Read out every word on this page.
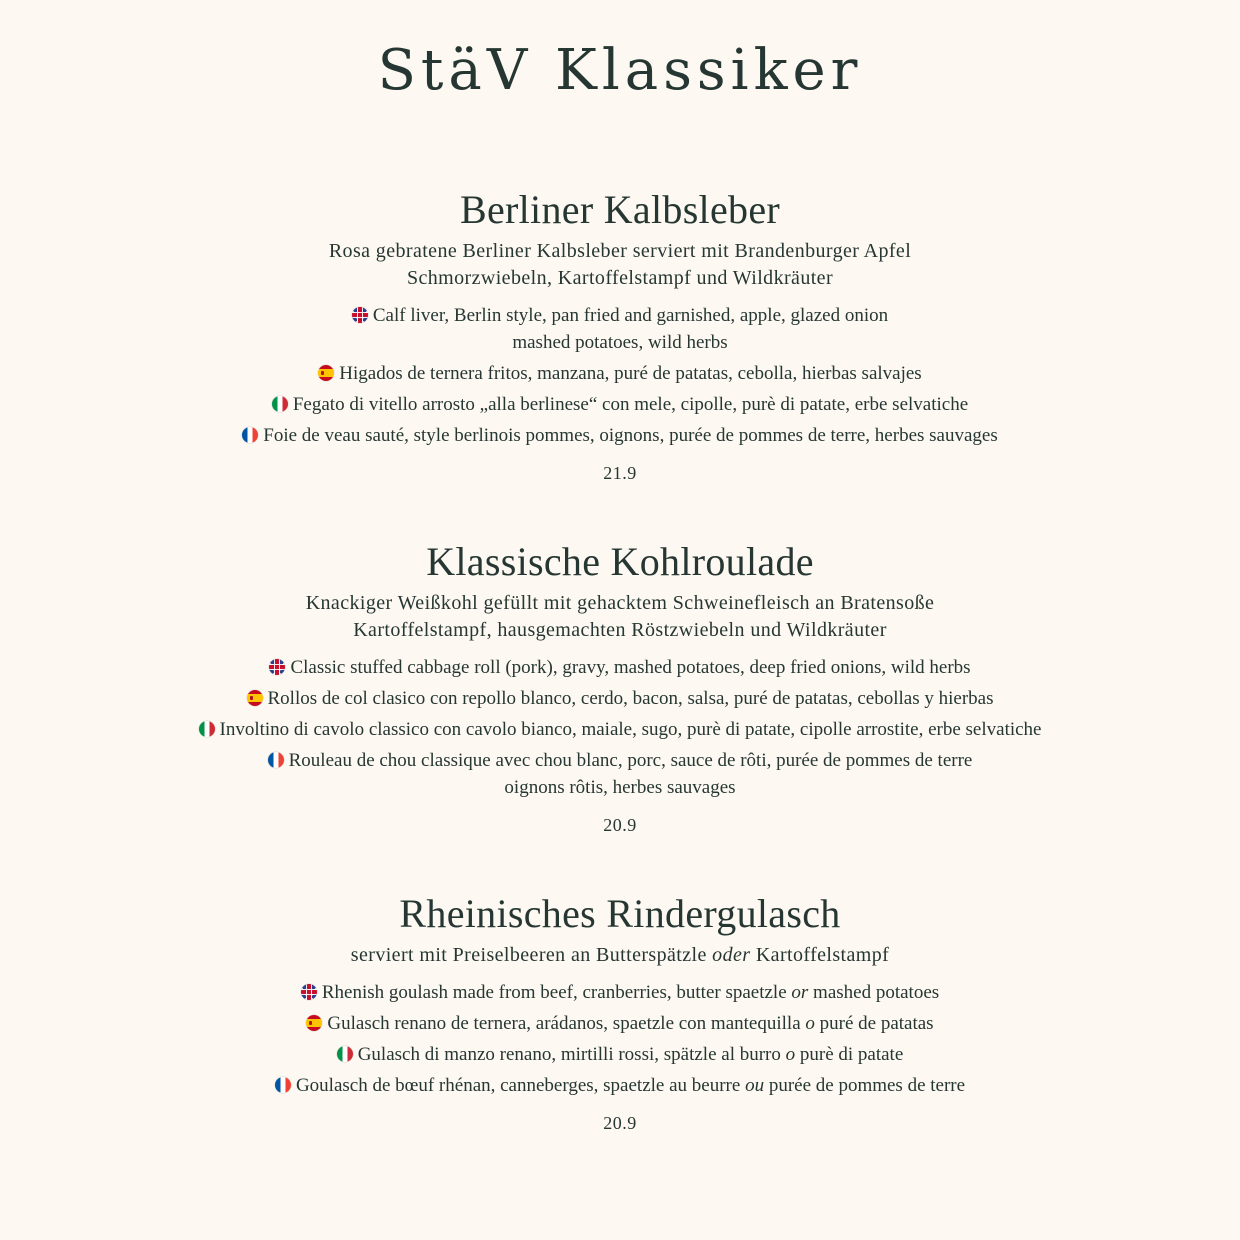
StäV Klassiker
Berliner Kalbsleber
Rosa gebratene Berliner Kalbsleber serviert mit Brandenburger Apfel
Schmorzwiebeln, Kartoffelstampf und Wildkräuter
Calf liver, Berlin style, pan fried and garnished, apple, glazed onion
mashed potatoes, wild herbs
Higados de ternera fritos, manzana, puré de patatas, cebolla, hierbas salvajes
Fegato di vitello arrosto „alla berlinese“ con mele, cipolle, purè di patate, erbe selvatiche
Foie de veau sauté, style berlinois pommes, oignons, purée de pommes de terre, herbes sauvages
21.9
Klassische Kohlroulade
Knackiger Weißkohl gefüllt mit gehacktem Schweinefleisch an Bratensoße
Kartoffelstampf, hausgemachten Röstzwiebeln und Wildkräuter
Classic stuffed cabbage roll (pork), gravy, mashed potatoes, deep fried onions, wild herbs
Rollos de col clasico con repollo blanco, cerdo, bacon, salsa, puré de patatas, cebollas y hierbas
Involtino di cavolo classico con cavolo bianco, maiale, sugo, purè di patate, cipolle arrostite, erbe selvatiche
Rouleau de chou classique avec chou blanc, porc, sauce de rôti, purée de pommes de terre
oignons rôtis, herbes sauvages
20.9
Rheinisches Rindergulasch
serviert mit Preiselbeeren an Butterspätzle oder Kartoffelstampf
Rhenish goulash made from beef, cranberries, butter spaetzle or mashed potatoes
Gulasch renano de ternera, arádanos, spaetzle con mantequilla o puré de patatas
Gulasch di manzo renano, mirtilli rossi, spätzle al burro o purè di patate
Goulasch de bœuf rhénan, canneberges, spaetzle au beurre ou purée de pommes de terre
20.9
